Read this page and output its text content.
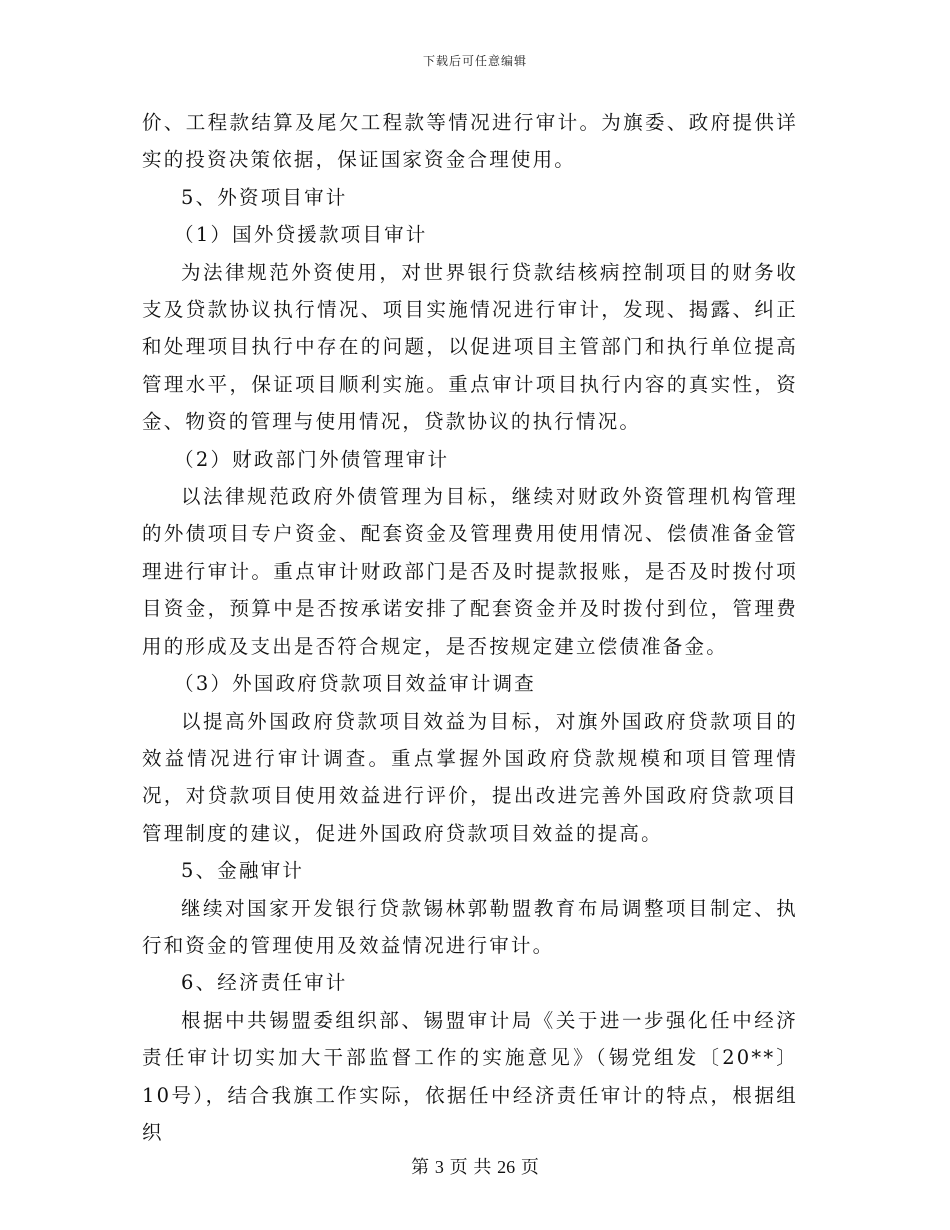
下载后可任意编辑

价、工程款结算及尾欠工程款等情况进行审计。为旗委、政府提供详实的投资决策依据，保证国家资金合理使用。

5、外资项目审计

（1）国外贷援款项目审计

为法律规范外资使用，对世界银行贷款结核病控制项目的财务收支及贷款协议执行情况、项目实施情况进行审计，发现、揭露、纠正和处理项目执行中存在的问题，以促进项目主管部门和执行单位提高管理水平，保证项目顺利实施。重点审计项目执行内容的真实性，资金、物资的管理与使用情况，贷款协议的执行情况。

（2）财政部门外债管理审计

以法律规范政府外债管理为目标，继续对财政外资管理机构管理的外债项目专户资金、配套资金及管理费用使用情况、偿债准备金管理进行审计。重点审计财政部门是否及时提款报账，是否及时拨付项目资金，预算中是否按承诺安排了配套资金并及时拨付到位，管理费用的形成及支出是否符合规定，是否按规定建立偿债准备金。

（3）外国政府贷款项目效益审计调查

以提高外国政府贷款项目效益为目标，对旗外国政府贷款项目的效益情况进行审计调查。重点掌握外国政府贷款规模和项目管理情况，对贷款项目使用效益进行评价，提出改进完善外国政府贷款项目管理制度的建议，促进外国政府贷款项目效益的提高。

5、金融审计

继续对国家开发银行贷款锡林郭勒盟教育布局调整项目制定、执行和资金的管理使用及效益情况进行审计。

6、经济责任审计

根据中共锡盟委组织部、锡盟审计局《关于进一步强化任中经济责任审计切实加大干部监督工作的实施意见》（锡党组发〔20**〕10号），结合我旗工作实际，依据任中经济责任审计的特点，根据组织

第 3 页 共 26 页
